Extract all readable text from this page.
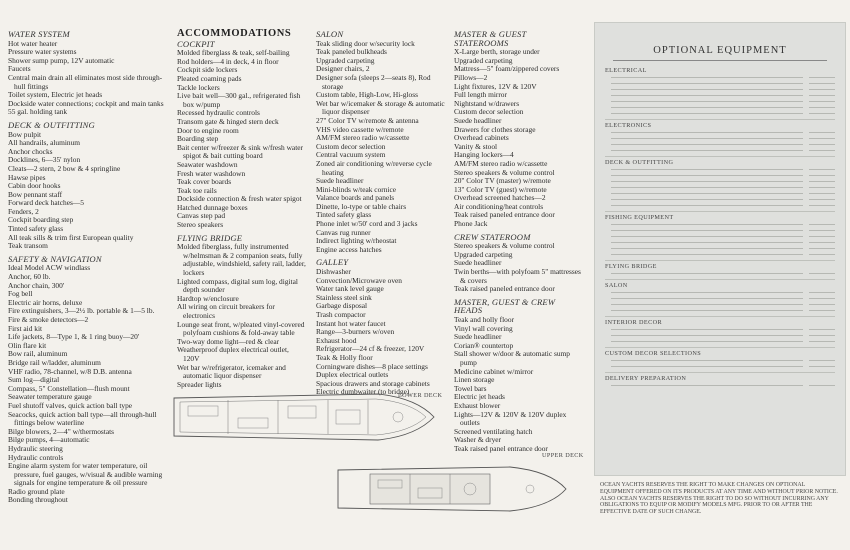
WATER SYSTEM
Hot water heater
Pressure water systems
Shower sump pump, 12V automatic
Faucets
Central main drain all eliminates most side through-hull fittings
Toilet system, Electric jet heads
Dockside water connections; cockpit and main tanks
55 gal. holding tank
DECK & OUTFITTING
Bow pulpit
All handrails, aluminum
Anchor chocks
Docklines, 6—35' nylon
Cleats—2 stern, 2 bow & 4 springline
Hawse pipes
Cabin door hooks
Bow pennant staff
Forward deck hatches—5
Fenders, 2
Cockpit boarding step
Tinted safety glass
All teak sills & trim first European quality
Teak transom
SAFETY & NAVIGATION
Ideal Model ACW windlass
Anchor, 60 lb.
Anchor chain, 300'
Fog bell
Electric air horns, deluxe
Fire extinguishers, 3—2½ lb. portable & 1—5 lb.
Fire & smoke detectors—2
First aid kit
Life jackets, 8—Type 1, & 1 ring buoy—20'
Olin flare kit
Bow rail, aluminum
Bridge rail w/ladder, aluminum
VHF radio, 78-channel, w/8 D.B. antenna
Sum log—digital
Compass, 5" Constellation—flush mount
Seawater temperature gauge
Fuel shutoff valves, quick action ball type
Seacocks, quick action ball type—all through-hull fittings below waterline
Bilge blowers, 2—4" w/thermostats
Bilge pumps, 4—automatic
Hydraulic steering
Hydraulic controls
Engine alarm system for water temperature, oil pressure, fuel gauges, w/visual & audible warning signals for engine temperature & oil pressure
Radio ground plate
Bonding throughout
ACCOMMODATIONS
COCKPIT
Molded fiberglass & teak, self-bailing
Rod holders—4 in deck, 4 in floor
Cockpit side lockers
Pleated coaming pads
Tackle lockers
Live bait well—300 gal., refrigerated fish box w/pump
Recessed hydraulic controls
Transom gate & hinged stern deck
Door to engine room
Boarding step
Bait center w/freezer & sink w/fresh water spigot & bait cutting board
Seawater washdown
Fresh water washdown
Teak cover boards
Teak toe rails
Dockside connection & fresh water spigot
Hatched dunnage boxes
Canvas step pad
Stereo speakers
FLYING BRIDGE
Molded fiberglass, fully instrumented w/helmsman & 2 companion seats, fully adjustable, windshield, safety rail, ladder, lockers
Lighted compass, digital sum log, digital depth sounder
Hardtop w/enclosure
All wiring on circuit breakers for electronics
Lounge seat front, w/pleated vinyl-covered polyfoam cushions & fold-away table
Two-way dome light—red & clear
Weatherproof duplex electrical outlet, 120V
Wet bar w/refrigerator, icemaker and automatic liquor dispenser
Spreader lights
SALON
Teak sliding door w/security lock
Teak paneled bulkheads
Upgraded carpeting
Designer chairs, 2
Designer sofa (sleeps 2—seats 8), Rod storage
Custom table, High-Low, Hi-gloss
Wet bar w/icemaker & storage & automatic liquor dispenser
27" Color TV w/remote & antenna
VHS video cassette w/remote
AM/FM stereo radio w/cassette
Custom decor selection
Central vacuum system
Zoned air conditioning w/reverse cycle heating
Suede headliner
Mini-blinds w/teak cornice
Valance boards and panels
Dinette, lo-type or table chairs
Tinted safety glass
Phone inlet w/50' cord and 3 jacks
Canvas rug runner
Indirect lighting w/rheostat
Engine access hatches
GALLEY
Dishwasher
Convection/Microwave oven
Water tank level gauge
Stainless steel sink
Garbage disposal
Trash compactor
Instant hot water faucet
Range—3-burners w/oven
Exhaust hood
Refrigerator—24 cf & freezer, 120V
Teak & Holly floor
Corningware dishes—8 place settings
Duplex electrical outlets
Spacious drawers and storage cabinets
Electric dumbwaiter (to bridge)
MASTER & GUEST STATEROOMS
X-Large berth, storage under
Upgraded carpeting
Mattress—5" foam/zippered covers
Pillows—2
Light fixtures, 12V & 120V
Full length mirror
Nightstand w/drawers
Custom decor selection
Suede headliner
Drawers for clothes storage
Overhead cabinets
Vanity & stool
Hanging lockers—4
AM/FM stereo radio w/cassette
Stereo speakers & volume control
20" Color TV (master) w/remote
13" Color TV (guest) w/remote
Overhead screened hatches—2
Air conditioning/heat controls
Teak raised paneled entrance door
Phone Jack
CREW STATEROOM
Stereo speakers & volume control
Upgraded carpeting
Suede headliner
Twin berths—with polyfoam 5" mattresses & covers
Teak raised paneled entrance door
MASTER, GUEST & CREW HEADS
Teak and holly floor
Vinyl wall covering
Suede headliner
Corian® countertop
Stall shower w/door & automatic sump pump
Medicine cabinet w/mirror
Linen storage
Towel bars
Electric jet heads
Exhaust blower
Lights—12V & 120V & 120V duplex outlets
Screened ventilating hatch
Washer & dryer
Teak raised panel entrance door
LOWER DECK
UPPER DECK
OPTIONAL EQUIPMENT
ELECTRICAL
ELECTRONICS
DECK & OUTFITTING
FISHING EQUIPMENT
FLYING BRIDGE
SALON
INTERIOR DECOR
CUSTOM DECOR SELECTIONS
DELIVERY PREPARATION
OCEAN YACHTS RESERVES THE RIGHT TO MAKE CHANGES ON OPTIONAL EQUIPMENT OFFERED ON ITS PRODUCTS AT ANY TIME AND WITHOUT PRIOR NOTICE. ALSO OCEAN YACHTS RESERVES THE RIGHT TO DO SO WITHOUT INCURRING ANY OBLIGATIONS TO EQUIP OR MODIFY MODELS MFG. PRIOR TO OR AFTER THE EFFECTIVE DATE OF SUCH CHANGE.
